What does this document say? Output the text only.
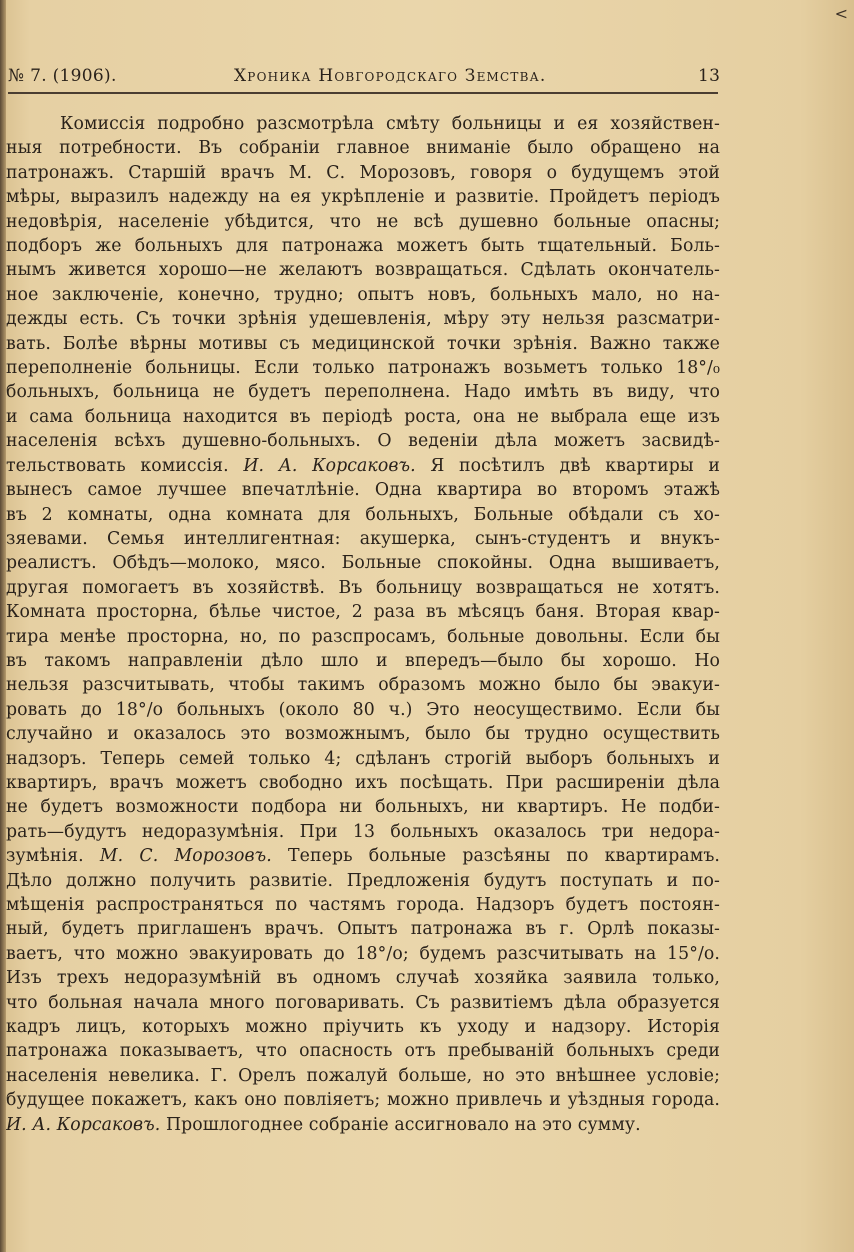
<
№ 7. (1906).	Хроника Новгородскаго Земства.	13
Комиссія подробно разсмотрѣла смѣту больницы и ея хозяйствен-
ныя потребности. Въ собраніи главное вниманіе было обращено на
патронажъ. Старшій врачъ М. С. Морозовъ, говоря о будущемъ этой
мѣры, выразилъ надежду на ея укрѣпленіе и развитіе. Пройдетъ періодъ
недовѣрія, населеніе убѣдится, что не всѣ душевно больные опасны;
подборъ же больныхъ для патронажа можетъ быть тщательный. Боль-
нымъ живется хорошо—не желаютъ возвращаться. Сдѣлать окончатель-
ное заключеніе, конечно, трудно; опытъ новъ, больныхъ мало, но на-
дежды есть. Съ точки зрѣнія удешевленія, мѣру эту нельзя разсматри-
вать. Болѣе вѣрны мотивы съ медицинской точки зрѣнія. Важно также
переполненіе больницы. Если только патронажъ возьметъ только 18°/₀
больныхъ, больница не будетъ переполнена. Надо имѣть въ виду, что
и сама больница находится въ періодѣ роста, она не выбрала еще изъ
населенія всѣхъ душевно-больныхъ. О веденіи дѣла можетъ засвидѣ-
тельствовать комиссія. И. А. Корсаковъ. Я посѣтилъ двѣ квартиры и
вынесъ самое лучшее впечатлѣніе. Одна квартира во второмъ этажѣ
въ 2 комнаты, одна комната для больныхъ, Больные обѣдали съ хо-
зяевами. Семья интеллигентная: акушерка, сынъ-студентъ и внукъ-
реалистъ. Обѣдъ—молоко, мясо. Больные спокойны. Одна вышиваетъ,
другая помогаетъ въ хозяйствѣ. Въ больницу возвращаться не хотятъ.
Комната просторна, бѣлье чистое, 2 раза въ мѣсяцъ баня. Вторая квар-
тира менѣе просторна, но, по разспросамъ, больные довольны. Если бы
въ такомъ направленіи дѣло шло и впередъ—было бы хорошо. Но
нельзя разсчитывать, чтобы такимъ образомъ можно было бы эвакуи-
ровать до 18°/о больныхъ (около 80 ч.) Это неосуществимо. Если бы
случайно и оказалось это возможнымъ, было бы трудно осуществить
надзоръ. Теперь семей только 4; сдѣланъ строгій выборъ больныхъ и
квартиръ, врачъ можетъ свободно ихъ посѣщать. При расширеніи дѣла
не будетъ возможности подбора ни больныхъ, ни квартиръ. Не подби-
рать—будутъ недоразумѣнія. При 13 больныхъ оказалось три недора-
зумѣнія. М. С. Морозовъ. Теперь больные разсѣяны по квартирамъ.
Дѣло должно получить развитіе. Предложенія будутъ поступать и по-
мѣщенія распространяться по частямъ города. Надзоръ будетъ постоян-
ный, будетъ приглашенъ врачъ. Опытъ патронажа въ г. Орлѣ показы-
ваетъ, что можно эвакуировать до 18°/о; будемъ разсчитывать на 15°/о.
Изъ трехъ недоразумѣній въ одномъ случаѣ хозяйка заявила только,
что больная начала много поговаривать. Съ развитіемъ дѣла образуется
кадръ лицъ, которыхъ можно пріучить къ уходу и надзору. Исторія
патронажа показываетъ, что опасность отъ пребываній больныхъ среди
населенія невелика. Г. Орелъ пожалуй больше, но это внѣшнее условіе;
будущее покажетъ, какъ оно повліяетъ; можно привлечь и уѣздныя города.
И. А. Корсаковъ. Прошлогоднее собраніе ассигновало на это сумму.
